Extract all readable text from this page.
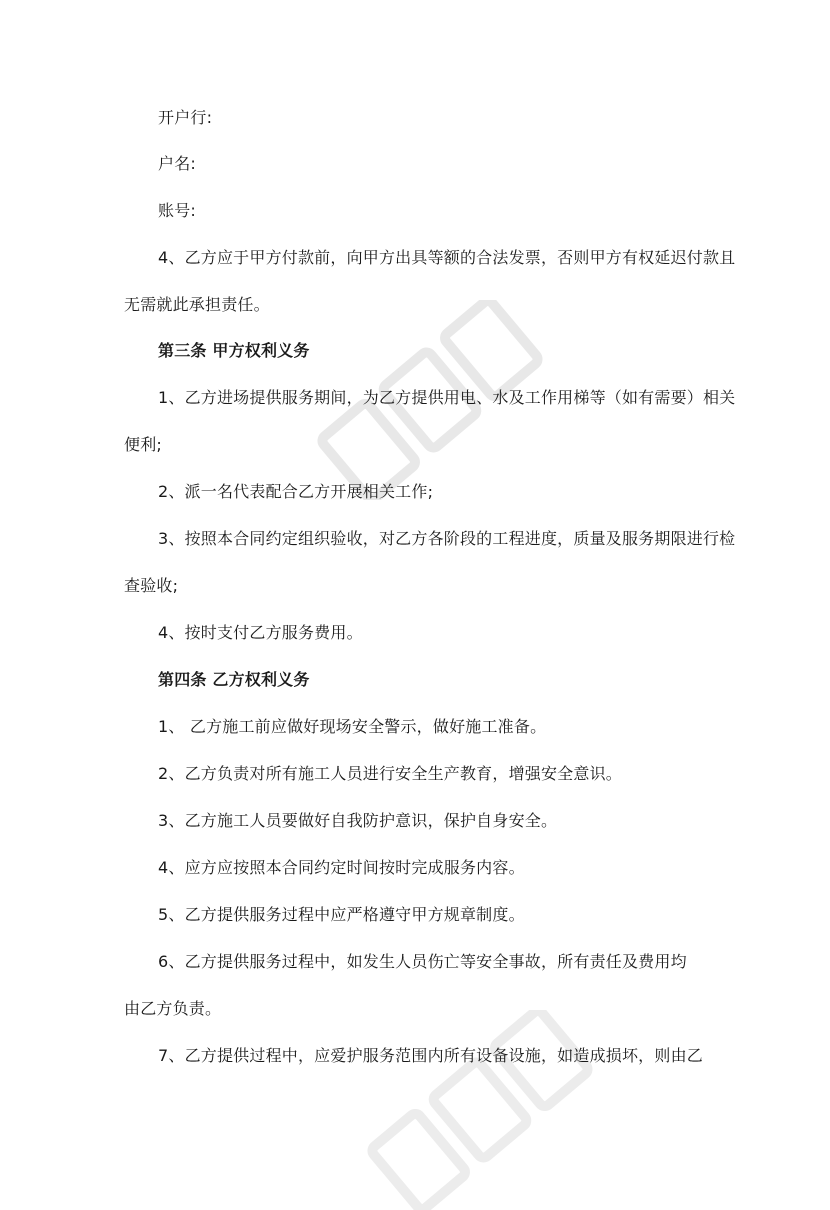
开户行:
户名:
账号:
4、乙方应于甲方付款前，向甲方出具等额的合法发票，否则甲方有权延迟付款且
无需就此承担责任。
第三条 甲方权利义务
1、乙方进场提供服务期间，为乙方提供用电、水及工作用梯等（如有需要）相关
便利;
2、派一名代表配合乙方开展相关工作;
3、按照本合同约定组织验收，对乙方各阶段的工程进度，质量及服务期限进行检
查验收;
4、按时支付乙方服务费用。
第四条 乙方权利义务
1、 乙方施工前应做好现场安全警示，做好施工准备。
2、乙方负责对所有施工人员进行安全生产教育，增强安全意识。
3、乙方施工人员要做好自我防护意识，保护自身安全。
4、应方应按照本合同约定时间按时完成服务内容。
5、乙方提供服务过程中应严格遵守甲方规章制度。
6、乙方提供服务过程中，如发生人员伤亡等安全事故，所有责任及费用均
由乙方负责。
7、乙方提供过程中，应爱护服务范围内所有设备设施，如造成损坏，则由乙
